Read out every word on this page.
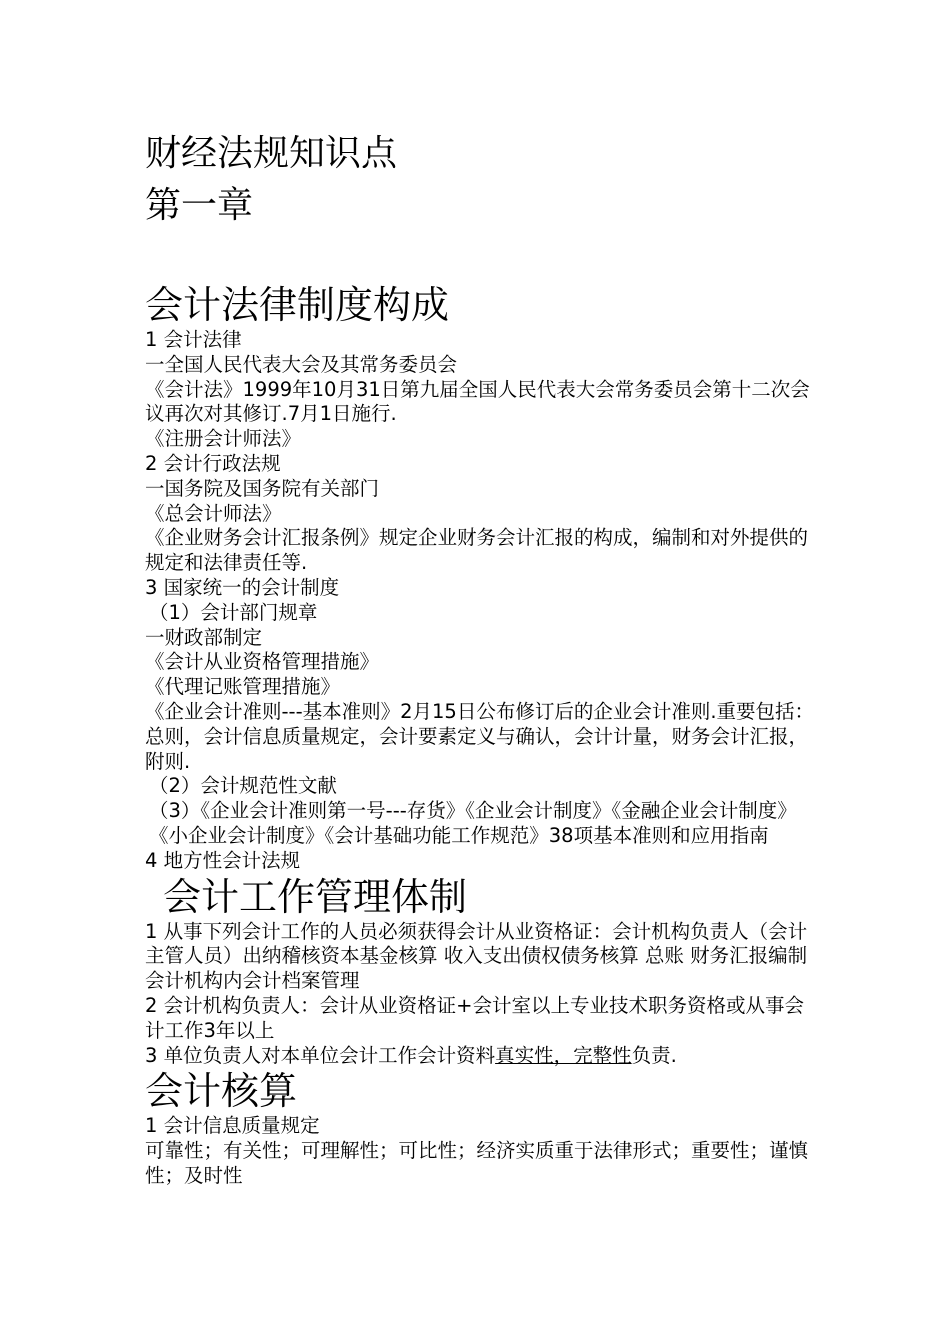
财经法规知识点
第一章
会计法律制度构成

1 会计法律

一全国人民代表大会及其常务委员会

《会计法》1999年10月31日第九届全国人民代表大会常务委员会第十二次会议再次对其修订.7月1日施行.

《注册会计师法》

2 会计行政法规

一国务院及国务院有关部门

《总会计师法》

《企业财务会计汇报条例》规定企业财务会计汇报的构成，编制和对外提供的规定和法律责任等.

3 国家统一的会计制度

（1）会计部门规章

一财政部制定

《会计从业资格管理措施》

《代理记账管理措施》

《企业会计准则---基本准则》2月15日公布修订后的企业会计准则.重要包括：总则，会计信息质量规定，会计要素定义与确认，会计计量，财务会计汇报，附则.

（2）会计规范性文献

（3）《企业会计准则第一号---存货》《企业会计制度》《金融企业会计制度》《小企业会计制度》《会计基础功能工作规范》38项基本准则和应用指南

4 地方性会计法规

会计工作管理体制

1 从事下列会计工作的人员必须获得会计从业资格证：会计机构负责人（会计主管人员）出纳稽核资本基金核算 收入支出债权债务核算 总账 财务汇报编制 会计机构内会计档案管理

2 会计机构负责人：会计从业资格证+会计室以上专业技术职务资格或从事会计工作3年以上

3 单位负责人对本单位会计工作会计资料真实性，完整性负责.

会计核算

1 会计信息质量规定

可靠性；有关性；可理解性；可比性；经济实质重于法律形式；重要性；谨慎性；及时性
